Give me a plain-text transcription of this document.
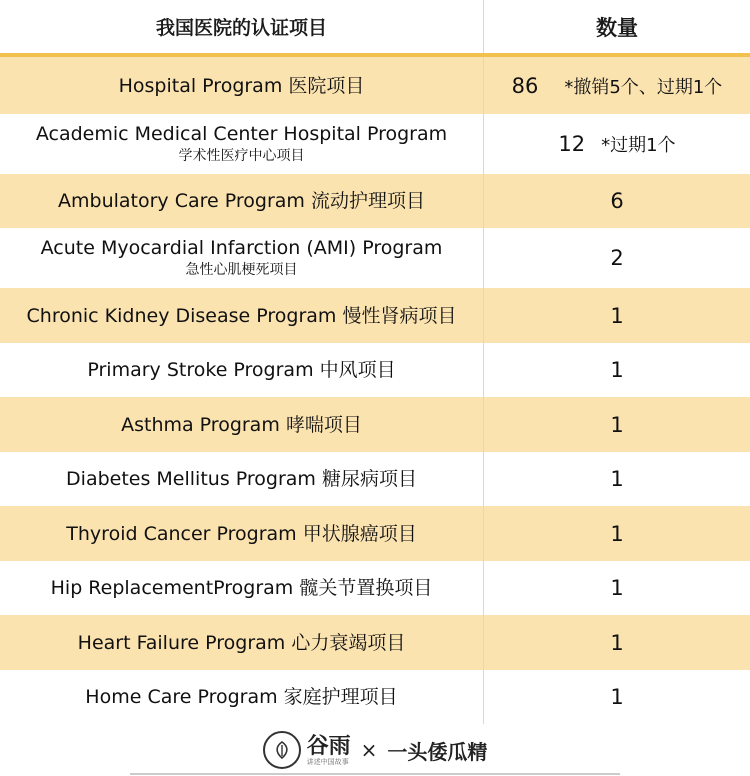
我国医院的认证项目	数量
Hospital Program 医院项目	86 *撤销5个、过期1个
Academic Medical Center Hospital Program
学术性医疗中心项目	12 *过期1个
Ambulatory Care Program 流动护理项目	6
Acute Myocardial Infarction (AMI) Program
急性心肌梗死项目	2
Chronic Kidney Disease Program 慢性肾病项目	1
Primary Stroke Program 中风项目	1
Asthma Program 哮喘项目	1
Diabetes Mellitus Program 糖尿病项目	1
Thyroid Cancer Program 甲状腺癌项目	1
Hip ReplacementProgram 髋关节置换项目	1
Heart Failure Program 心力衰竭项目	1
Home Care Program 家庭护理项目	1
谷雨
讲述中国故事 × 一头倭瓜精
